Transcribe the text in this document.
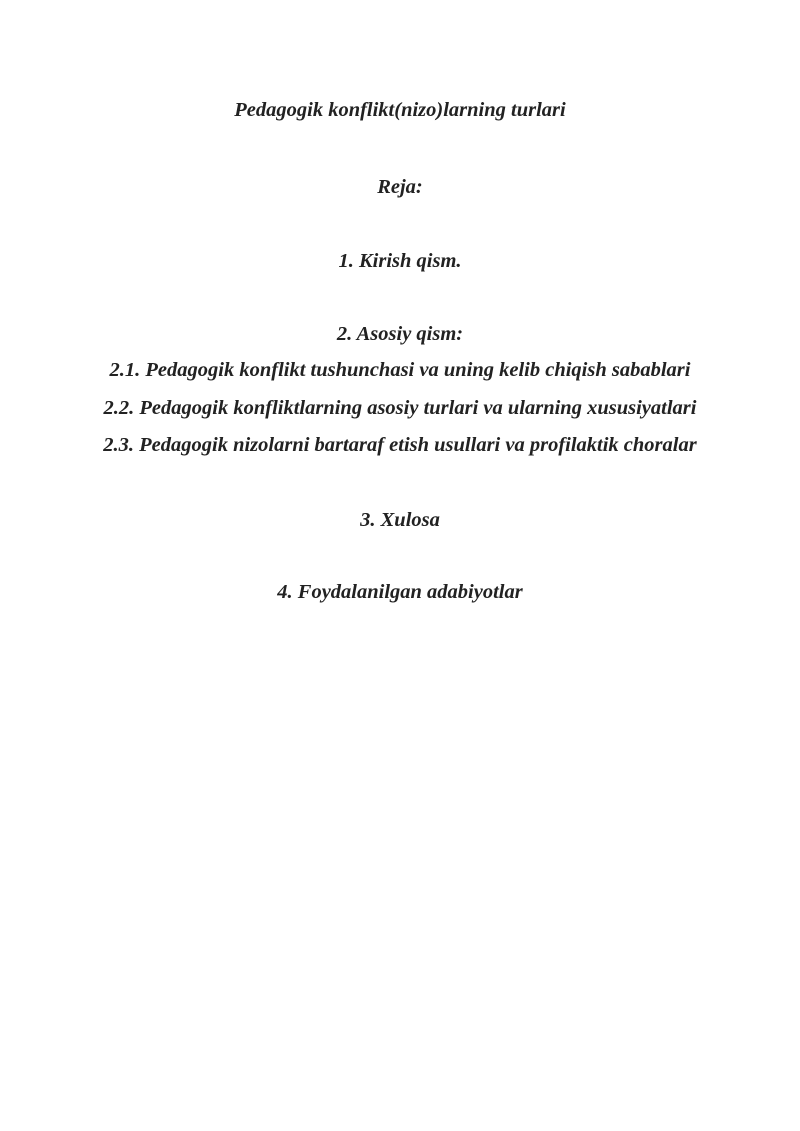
Pedagogik konflikt(nizo)larning turlari
Reja:
1. Kirish qism.
2. Asosiy qism:
2.1. Pedagogik konflikt tushunchasi va uning kelib chiqish sabablari
2.2. Pedagogik konfliktlarning asosiy turlari va ularning xususiyatlari
2.3. Pedagogik nizolarni bartaraf etish usullari va profilaktik choralar
3. Xulosa
4. Foydalanilgan adabiyotlar
